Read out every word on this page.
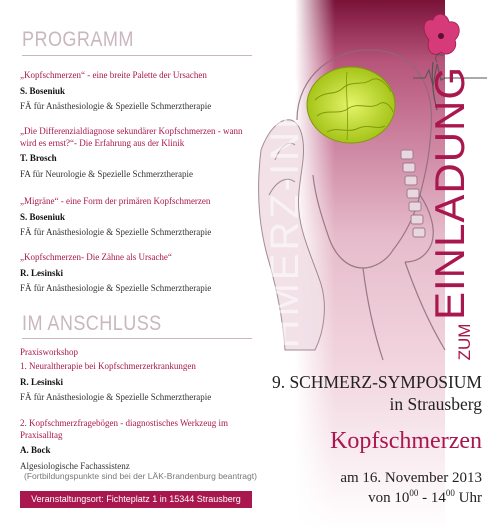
PROGRAMM
„Kopfschmerzen“ - eine breite Palette der Ursachen
S. Boseniuk
FÄ für Anästhesiologie & Spezielle Schmerztherapie
„Die Differenzialdiagnose sekundärer Kopfschmerzen - wann wird es ernst?“- Die Erfahrung aus der Klinik
T. Brosch
FA für Neurologie & Spezielle Schmerztherapie
„Migräne“ - eine Form der primären Kopfschmerzen
S. Boseniuk
FÄ für Anästhesiologie & Spezielle Schmerztherapie
„Kopfschmerzen- Die Zähne als Ursache“
R. Lesinski
FÄ für Anästhesiologie & Spezielle Schmerztherapie
IM ANSCHLUSS
Praxisworkshop
1. Neuraltherapie bei Kopfschmerzerkrankungen
R. Lesinski
FÄ für Anästhesiologie & Spezielle Schmerztherapie
2. Kopfschmerzfragebögen - diagnostisches Werkzeug im Praxisalltag
A. Bock
Algesiologische Fachassistenz
(Fortbildungspunkte sind bei der LÄK-Brandenburg beantragt)
Veranstaltungsort: Fichteplatz 1 in 15344 Strausberg
SCHMERZ-INFO	EINLADUNG
ZUM
9. SCHMERZ-SYMPOSIUM
in Strausberg
Kopfschmerzen
am 16. November 2013
von $10^{00} - 14^{00}$ Uhr
